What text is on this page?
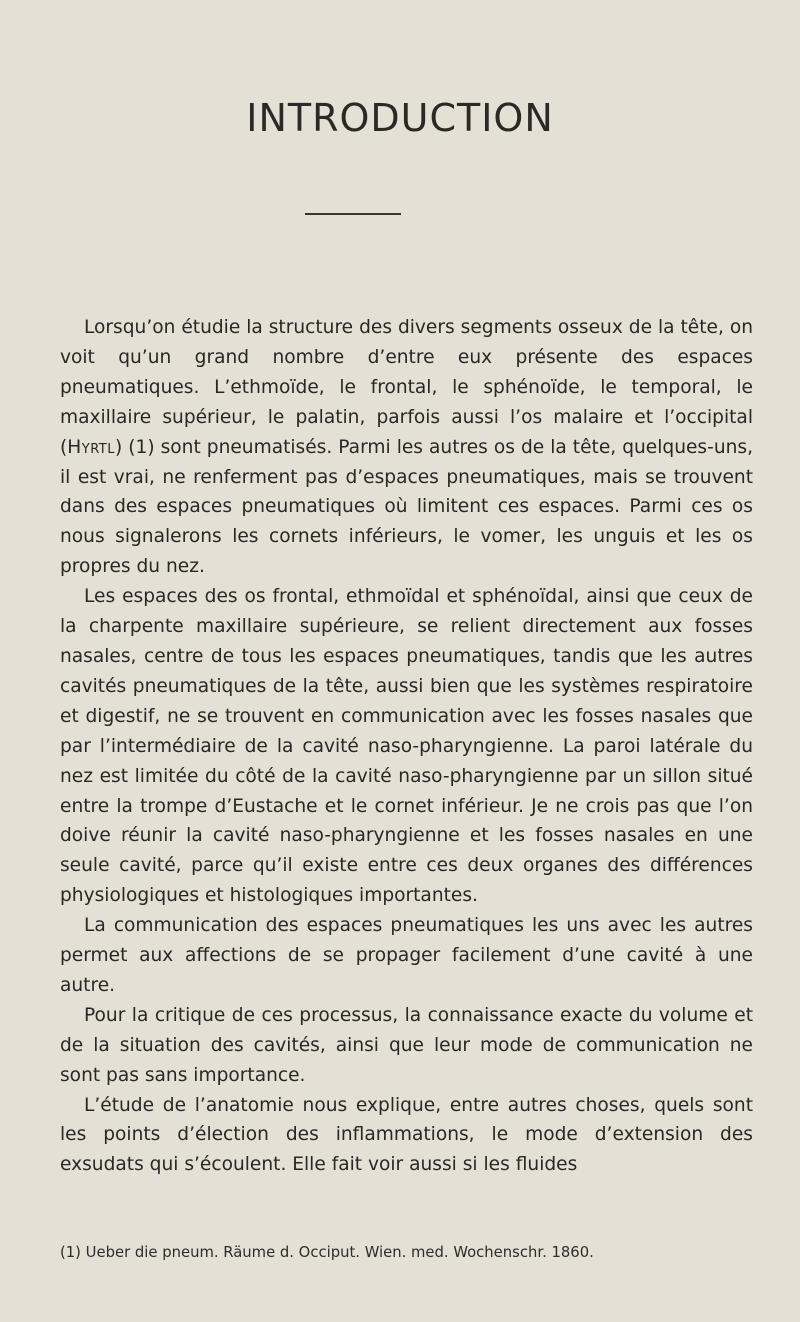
INTRODUCTION

Lorsqu’on étudie la structure des divers segments osseux de la tête, on voit qu’un grand nombre d’entre eux présente des espaces pneumatiques. L’ethmoïde, le frontal, le sphénoïde, le temporal, le maxillaire supérieur, le palatin, parfois aussi l’os malaire et l’occipital (Hyrtl) (1) sont pneumatisés. Parmi les autres os de la tête, quelques-uns, il est vrai, ne renferment pas d’espaces pneumatiques, mais se trouvent dans des espaces pneumatiques où limitent ces espaces. Parmi ces os nous signalerons les cornets inférieurs, le vomer, les unguis et les os propres du nez.

Les espaces des os frontal, ethmoïdal et sphénoïdal, ainsi que ceux de la charpente maxillaire supérieure, se relient directement aux fosses nasales, centre de tous les espaces pneumatiques, tandis que les autres cavités pneumatiques de la tête, aussi bien que les systèmes respiratoire et digestif, ne se trouvent en communication avec les fosses nasales que par l’intermédiaire de la cavité naso-pharyngienne. La paroi latérale du nez est limitée du côté de la cavité naso-pharyngienne par un sillon situé entre la trompe d’Eustache et le cornet inférieur. Je ne crois pas que l’on doive réunir la cavité naso-pharyngienne et les fosses nasales en une seule cavité, parce qu’il existe entre ces deux organes des différences physiologiques et histologiques importantes.

La communication des espaces pneumatiques les uns avec les autres permet aux affections de se propager facilement d’une cavité à une autre.

Pour la critique de ces processus, la connaissance exacte du volume et de la situation des cavités, ainsi que leur mode de communication ne sont pas sans importance.

L’étude de l’anatomie nous explique, entre autres choses, quels sont les points d’élection des inflammations, le mode d’extension des exsudats qui s’écoulent. Elle fait voir aussi si les fluides

(1) Ueber die pneum. Räume d. Occiput. Wien. med. Wochenschr. 1860.
